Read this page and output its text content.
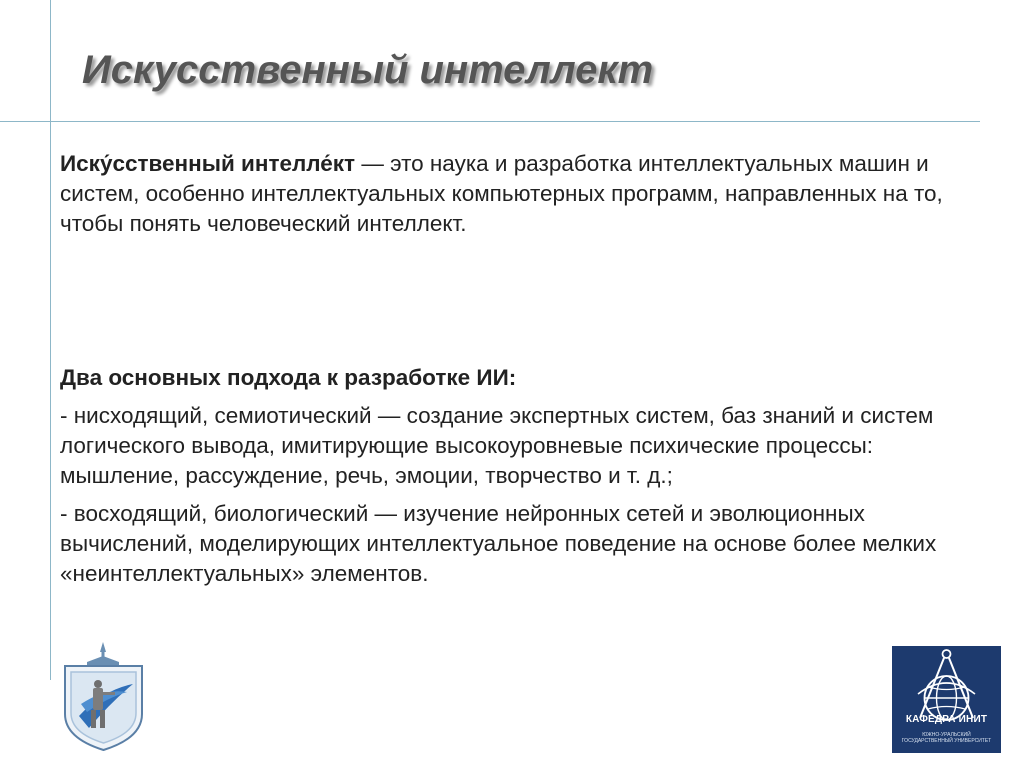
Искусственный интеллект

Иску́сственный интелле́кт — это наука и разработка интеллектуальных машин и систем, особенно интеллектуальных компьютерных программ, направленных на то, чтобы понять человеческий интеллект.

Два основных подхода к разработке ИИ:

- нисходящий, семиотический — создание экспертных систем, баз знаний и систем логического вывода, имитирующие высокоуровневые психические процессы: мышление, рассуждение, речь, эмоции, творчество и т. д.;

- восходящий, биологический — изучение нейронных сетей и эволюционных вычислений, моделирующих интеллектуальное поведение на основе более мелких «неинтеллектуальных» элементов.

КАФЕДРА ИНИТ
ЮЖНО-УРАЛЬСКИЙ ГОСУДАРСТВЕННЫЙ УНИВЕРСИТЕТ
